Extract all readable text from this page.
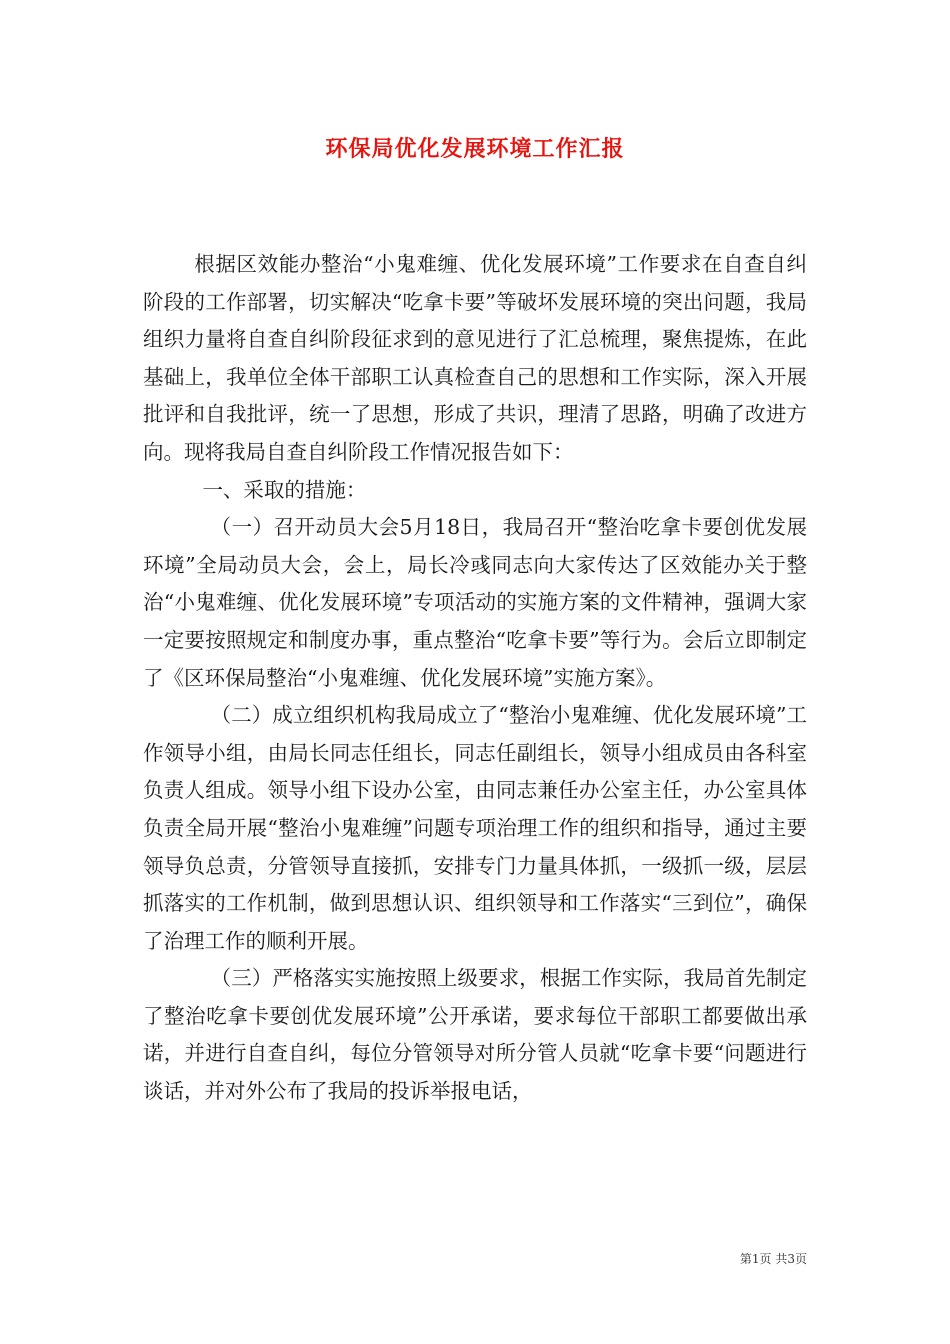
环保局优化发展环境工作汇报

根据区效能办整治“小鬼难缠、优化发展环境”工作要求在自查自纠阶段的工作部署，切实解决“吃拿卡要”等破坏发展环境的突出问题，我局组织力量将自查自纠阶段征求到的意见进行了汇总梳理，聚焦提炼，在此基础上，我单位全体干部职工认真检查自己的思想和工作实际，深入开展批评和自我批评，统一了思想，形成了共识，理清了思路，明确了改进方向。现将我局自查自纠阶段工作情况报告如下：

一、采取的措施：

（一）召开动员大会5月18日，我局召开“整治吃拿卡要创优发展环境”全局动员大会，会上，局长冷彧同志向大家传达了区效能办关于整治“小鬼难缠、优化发展环境”专项活动的实施方案的文件精神，强调大家一定要按照规定和制度办事，重点整治“吃拿卡要”等行为。会后立即制定了《区环保局整治“小鬼难缠、优化发展环境”实施方案》。

（二）成立组织机构我局成立了“整治小鬼难缠、优化发展环境”工作领导小组，由局长同志任组长，同志任副组长，领导小组成员由各科室负责人组成。领导小组下设办公室，由同志兼任办公室主任，办公室具体负责全局开展“整治小鬼难缠”问题专项治理工作的组织和指导，通过主要领导负总责，分管领导直接抓，安排专门力量具体抓，一级抓一级，层层抓落实的工作机制，做到思想认识、组织领导和工作落实“三到位”，确保了治理工作的顺利开展。

（三）严格落实实施按照上级要求，根据工作实际，我局首先制定了整治吃拿卡要创优发展环境”公开承诺，要求每位干部职工都要做出承诺，并进行自查自纠，每位分管领导对所分管人员就“吃拿卡要“问题进行谈话，并对外公布了我局的投诉举报电话，

第1页 共3页
